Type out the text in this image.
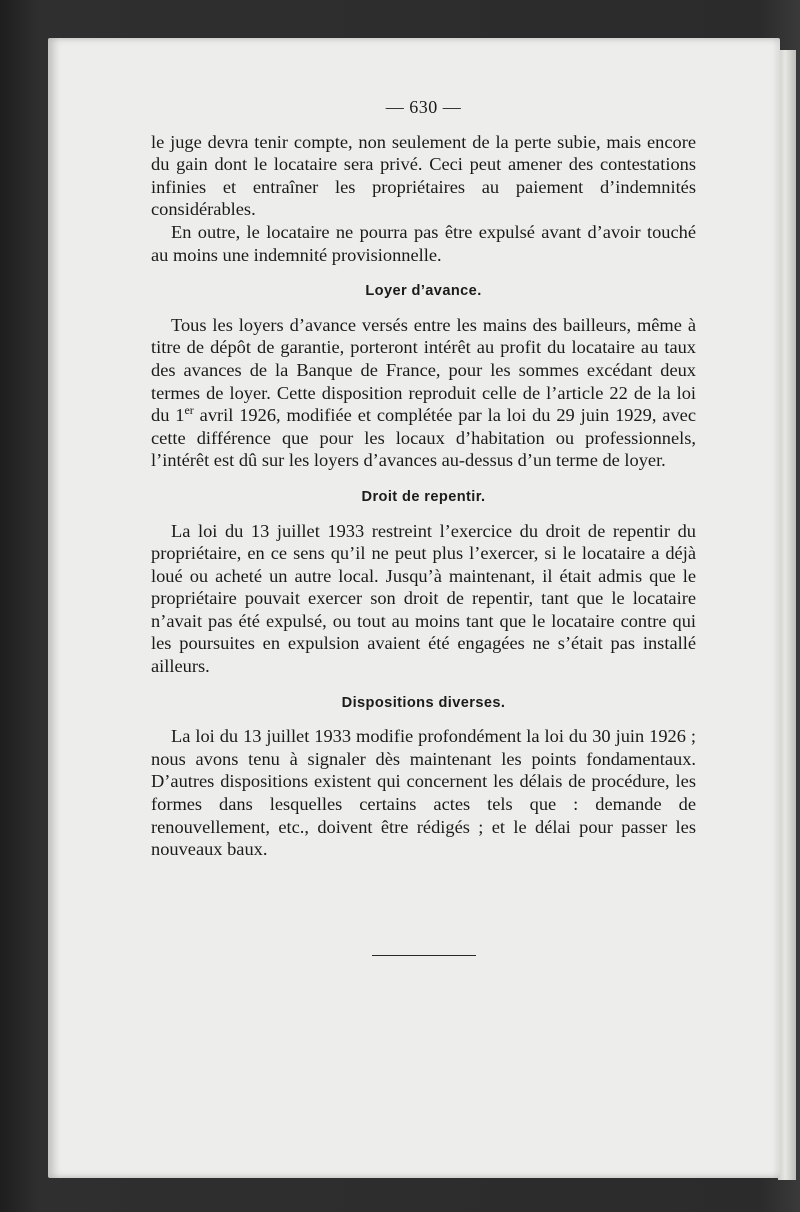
— 630 —

le juge devra tenir compte, non seulement de la perte subie, mais encore du gain dont le locataire sera privé. Ceci peut amener des contestations infinies et entraîner les propriétaires au paiement d’indemnités considérables.

En outre, le locataire ne pourra pas être expulsé avant d’avoir touché au moins une indemnité provisionnelle.

Loyer d’avance.

Tous les loyers d’avance versés entre les mains des bailleurs, même à titre de dépôt de garantie, porteront intérêt au profit du locataire au taux des avances de la Banque de France, pour les sommes excédant deux termes de loyer. Cette disposition reproduit celle de l’article 22 de la loi du 1er avril 1926, modifiée et complétée par la loi du 29 juin 1929, avec cette différence que pour les locaux d’habitation ou professionnels, l’intérêt est dû sur les loyers d’avances au-dessus d’un terme de loyer.

Droit de repentir.

La loi du 13 juillet 1933 restreint l’exercice du droit de repentir du propriétaire, en ce sens qu’il ne peut plus l’exercer, si le locataire a déjà loué ou acheté un autre local. Jusqu’à maintenant, il était admis que le propriétaire pouvait exercer son droit de repentir, tant que le locataire n’avait pas été expulsé, ou tout au moins tant que le locataire contre qui les poursuites en expulsion avaient été engagées ne s’était pas installé ailleurs.

Dispositions diverses.

La loi du 13 juillet 1933 modifie profondément la loi du 30 juin 1926 ; nous avons tenu à signaler dès maintenant les points fondamentaux. D’autres dispositions existent qui concernent les délais de procédure, les formes dans lesquelles certains actes tels que : demande de renouvellement, etc., doivent être rédigés ; et le délai pour passer les nouveaux baux.
